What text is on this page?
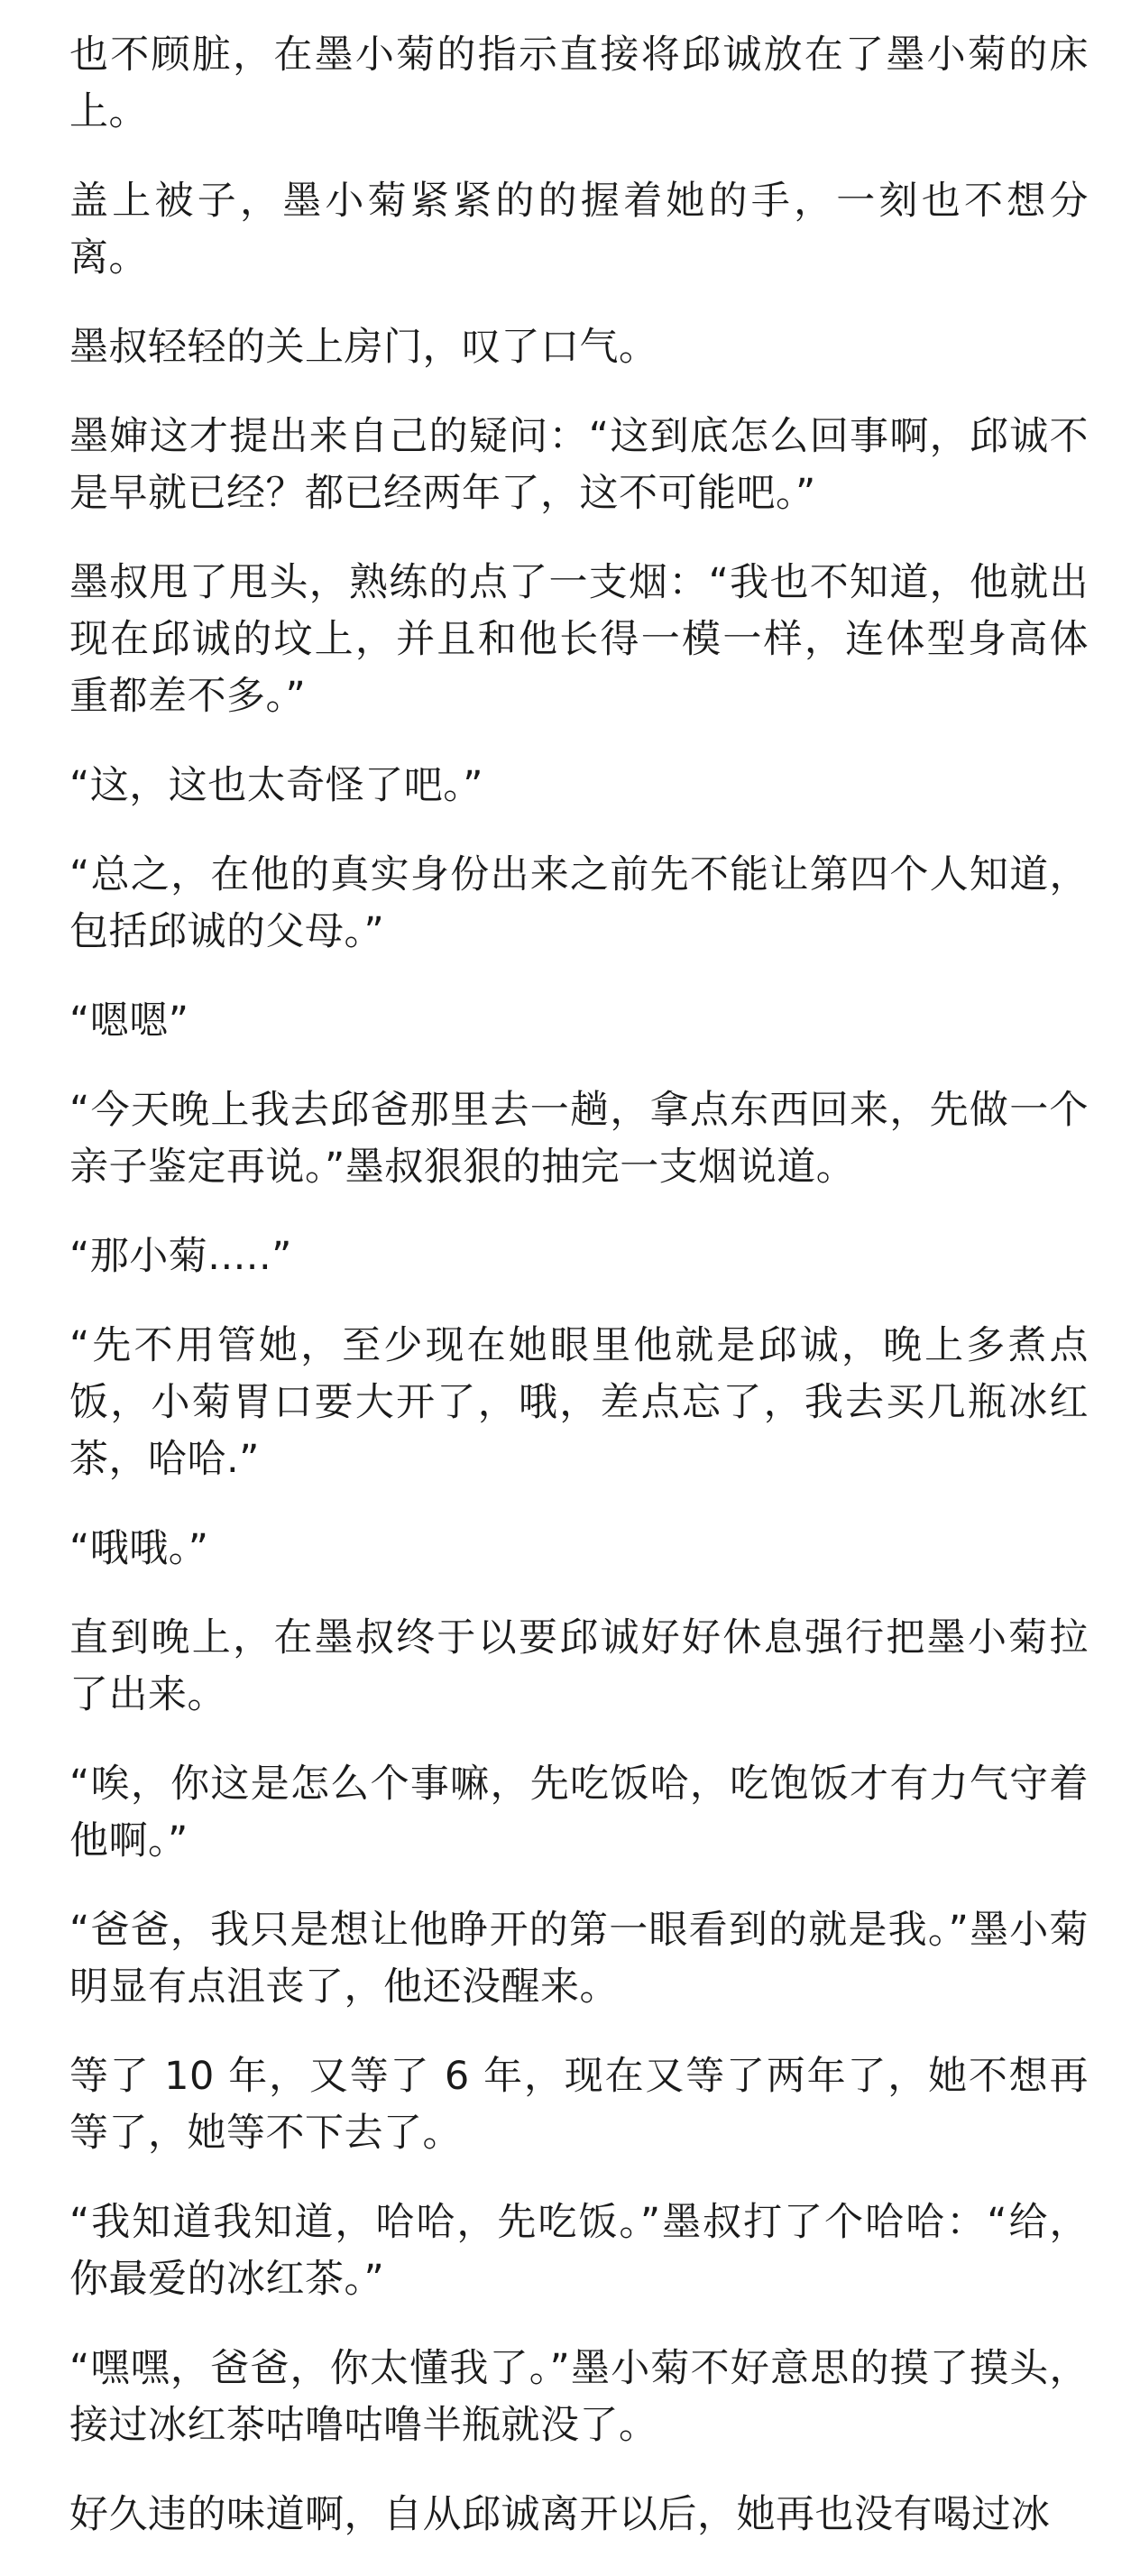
也不顾脏，在墨小菊的指示直接将邱诚放在了墨小菊的床上。

盖上被子，墨小菊紧紧的的握着她的手，一刻也不想分离。

墨叔轻轻的关上房门，叹了口气。

墨婶这才提出来自己的疑问：“这到底怎么回事啊，邱诚不是早就已经？都已经两年了，这不可能吧。”

墨叔甩了甩头，熟练的点了一支烟：“我也不知道，他就出现在邱诚的坟上，并且和他长得一模一样，连体型身高体重都差不多。”

“这，这也太奇怪了吧。”

“总之，在他的真实身份出来之前先不能让第四个人知道，包括邱诚的父母。”

“嗯嗯”

“今天晚上我去邱爸那里去一趟，拿点东西回来，先做一个亲子鉴定再说。”墨叔狠狠的抽完一支烟说道。

“那小菊.....”

“先不用管她，至少现在她眼里他就是邱诚，晚上多煮点饭，小菊胃口要大开了，哦，差点忘了，我去买几瓶冰红茶，哈哈.”

“哦哦。”

直到晚上，在墨叔终于以要邱诚好好休息强行把墨小菊拉了出来。

“唉，你这是怎么个事嘛，先吃饭哈，吃饱饭才有力气守着他啊。”

“爸爸，我只是想让他睁开的第一眼看到的就是我。”墨小菊明显有点沮丧了，他还没醒来。

等了 10 年，又等了 6 年，现在又等了两年了，她不想再等了，她等不下去了。

“我知道我知道，哈哈，先吃饭。”墨叔打了个哈哈：“给，你最爱的冰红茶。”

“嘿嘿，爸爸，你太懂我了。”墨小菊不好意思的摸了摸头，接过冰红茶咕噜咕噜半瓶就没了。

好久违的味道啊，自从邱诚离开以后，她再也没有喝过冰
